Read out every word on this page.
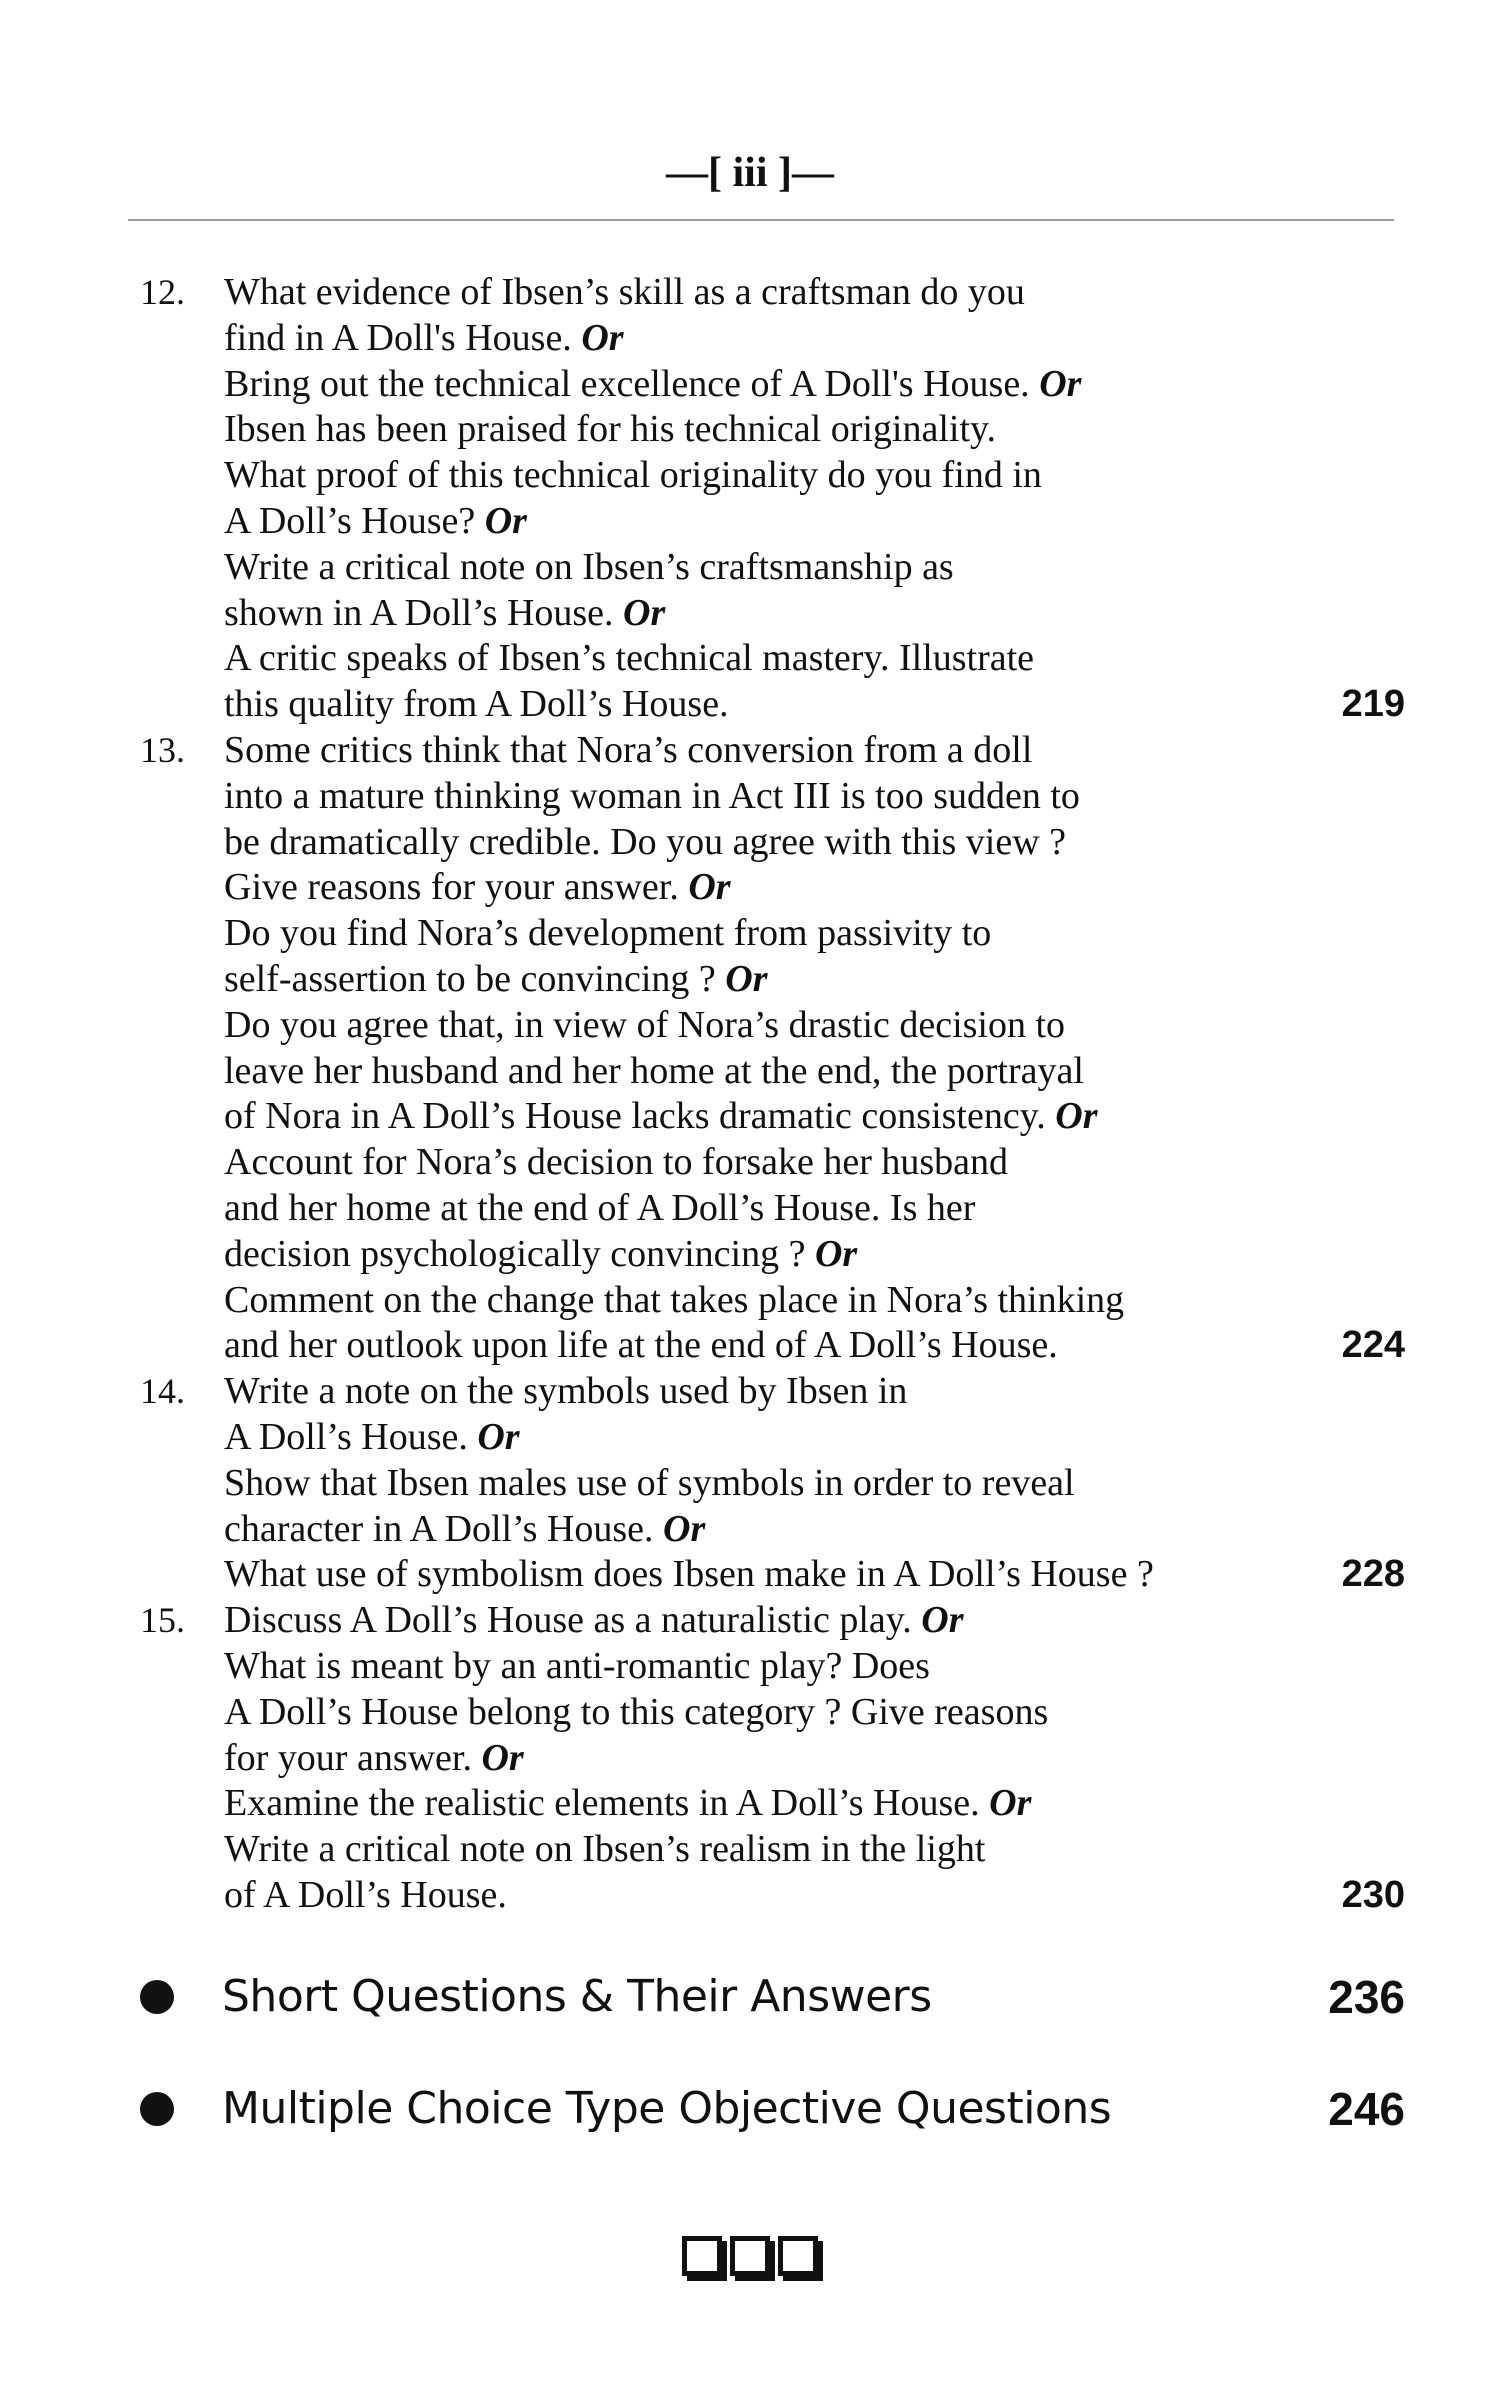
—[ iii ]—
12. What evidence of Ibsen’s skill as a craftsman do you
find in A Doll's House. Or
Bring out the technical excellence of A Doll's House. Or
Ibsen has been praised for his technical originality.
What proof of this technical originality do you find in
A Doll’s House? Or
Write a critical note on Ibsen’s craftsmanship as
shown in A Doll’s House. Or
A critic speaks of Ibsen’s technical mastery. Illustrate
this quality from A Doll’s House.	219
13. Some critics think that Nora’s conversion from a doll
into a mature thinking woman in Act III is too sudden to
be dramatically credible. Do you agree with this view ?
Give reasons for your answer. Or
Do you find Nora’s development from passivity to
self-assertion to be convincing ? Or
Do you agree that, in view of Nora’s drastic decision to
leave her husband and her home at the end, the portrayal
of Nora in A Doll’s House lacks dramatic consistency. Or
Account for Nora’s decision to forsake her husband
and her home at the end of A Doll’s House. Is her
decision psychologically convincing ? Or
Comment on the change that takes place in Nora’s thinking
and her outlook upon life at the end of A Doll’s House.	224
14. Write a note on the symbols used by Ibsen in
A Doll’s House. Or
Show that Ibsen males use of symbols in order to reveal
character in A Doll’s House. Or
What use of symbolism does Ibsen make in A Doll’s House ?	228
15. Discuss A Doll’s House as a naturalistic play. Or
What is meant by an anti-romantic play? Does
A Doll’s House belong to this category ? Give reasons
for your answer. Or
Examine the realistic elements in A Doll’s House. Or
Write a critical note on Ibsen’s realism in the light
of A Doll’s House.	230
Short Questions & Their Answers	236
Multiple Choice Type Objective Questions	246
